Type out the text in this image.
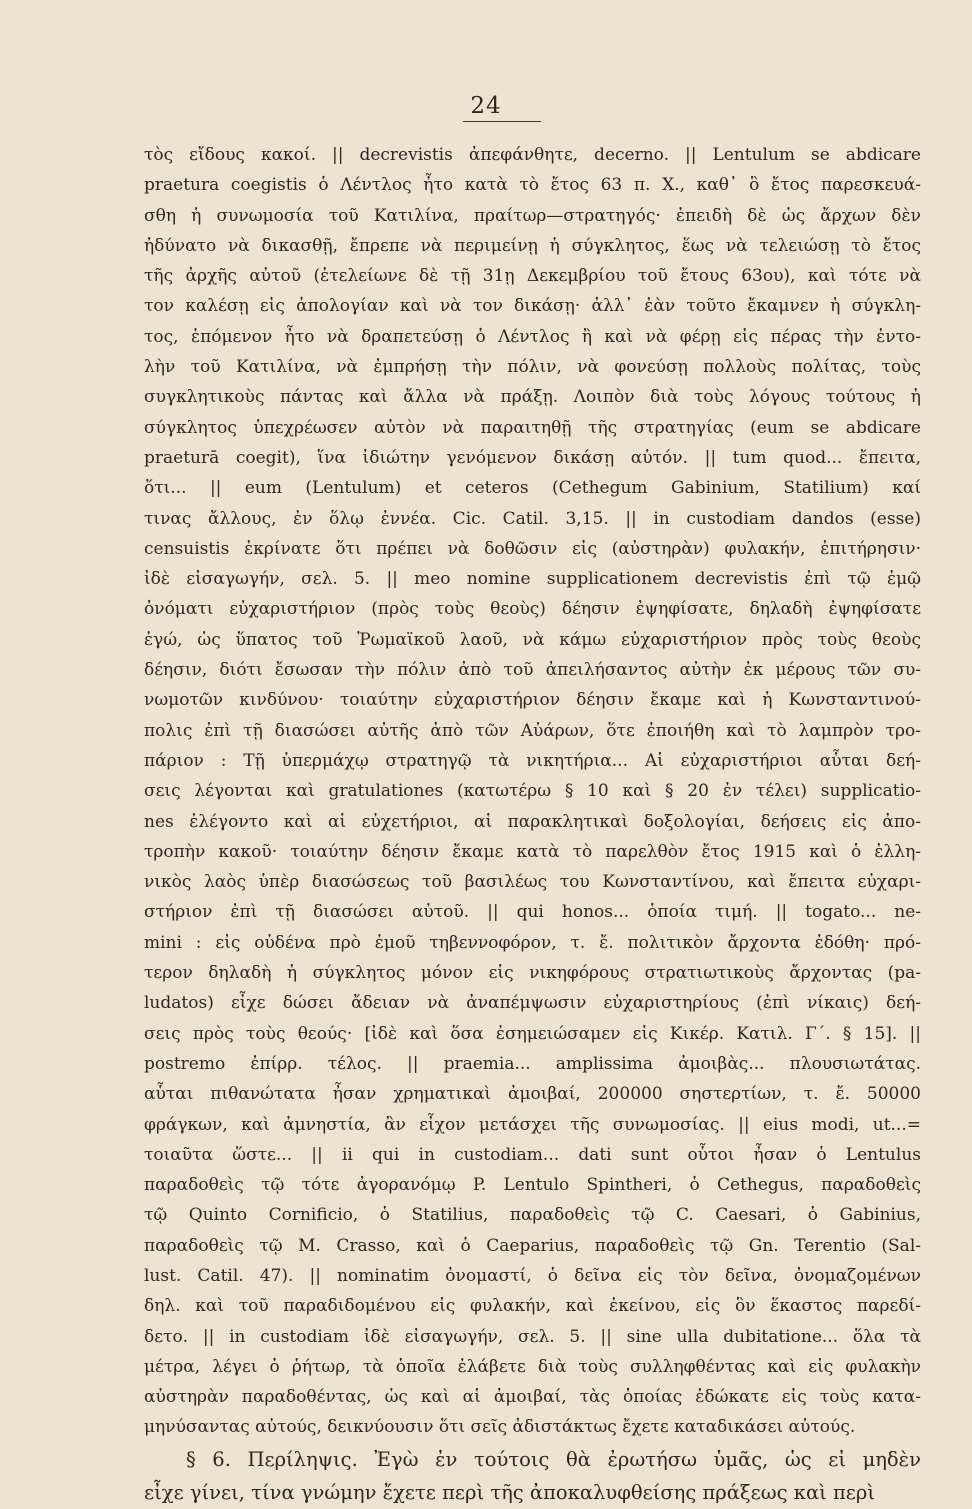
24
τὸς εἴδους κακοί. || decrevistis ἀπεφάνθητε, decerno. || Lentulum se abdicare
praetura coegistis ὁ Λέντλος ἦτο κατὰ τὸ ἔτος 63 π. Χ., καθ᾽ ὃ ἔτος παρεσκευά-
σθη ἡ συνωμοσία τοῦ Κατιλίνα, πραίτωρ—στρατηγός· ἐπειδὴ δὲ ὡς ἄρχων δὲν
ἠδύνατο νὰ δικασθῇ, ἔπρεπε νὰ περιμείνῃ ἡ σύγκλητος, ἕως νὰ τελειώσῃ τὸ ἔτος
τῆς ἀρχῆς αὐτοῦ (ἐτελείωνε δὲ τῇ 31ῃ Δεκεμβρίου τοῦ ἔτους 63ου), καὶ τότε νὰ
τον καλέσῃ εἰς ἀπολογίαν καὶ νὰ τον δικάσῃ· ἀλλ᾽ ἐὰν τοῦτο ἔκαμνεν ἡ σύγκλη-
τος, ἑπόμενον ἦτο νὰ δραπετεύσῃ ὁ Λέντλος ἢ καὶ νὰ φέρῃ εἰς πέρας τὴν ἐντο-
λὴν τοῦ Κατιλίνα, νὰ ἐμπρήσῃ τὴν πόλιν, νὰ φονεύσῃ πολλοὺς πολίτας, τοὺς
συγκλητικοὺς πάντας καὶ ἄλλα νὰ πράξῃ. Λοιπὸν διὰ τοὺς λόγους τούτους ἡ
σύγκλητος ὑπεχρέωσεν αὐτὸν νὰ παραιτηθῇ τῆς στρατηγίας (eum se abdicare
praeturā coegit), ἵνα ἰδιώτην γενόμενον δικάσῃ αὐτόν. || tum quod... ἔπειτα,
ὅτι... || eum (Lentulum) et ceteros (Cethegum Gabinium, Statilium) καί
τινας ἄλλους, ἐν ὅλῳ ἐννέα. Cic. Catil. 3,15. || in custodiam dandos (esse)
censuistis ἐκρίνατε ὅτι πρέπει νὰ δοθῶσιν εἰς (αὐστηρὰν) φυλακήν, ἐπιτήρησιν·
ἰδὲ εἰσαγωγήν, σελ. 5. || meo nomine supplicationem decrevistis ἐπὶ τῷ ἐμῷ
ὀνόματι εὐχαριστήριον (πρὸς τοὺς θεοὺς) δέησιν ἐψηφίσατε, δηλαδὴ ἐψηφίσατε
ἐγώ, ὡς ὕπατος τοῦ Ῥωμαϊκοῦ λαοῦ, νὰ κάμω εὐχαριστήριον πρὸς τοὺς θεοὺς
δέησιν, διότι ἔσωσαν τὴν πόλιν ἀπὸ τοῦ ἀπειλήσαντος αὐτὴν ἐκ μέρους τῶν συ-
νωμοτῶν κινδύνου· τοιαύτην εὐχαριστήριον δέησιν ἔκαμε καὶ ἡ Κωνσταντινού-
πολις ἐπὶ τῇ διασώσει αὐτῆς ἀπὸ τῶν Αὐάρων, ὅτε ἐποιήθη καὶ τὸ λαμπρὸν τρο-
πάριον : Τῇ ὑπερμάχῳ στρατηγῷ τὰ νικητήρια... Αἱ εὐχαριστήριοι αὗται δεή-
σεις λέγονται καὶ gratulationes (κατωτέρω § 10 καὶ § 20 ἐν τέλει) supplicatio-
nes ἐλέγοντο καὶ αἱ εὐχετήριοι, αἱ παρακλητικαὶ δοξολογίαι, δεήσεις εἰς ἀπο-
τροπὴν κακοῦ· τοιαύτην δέησιν ἔκαμε κατὰ τὸ παρελθὸν ἔτος 1915 καὶ ὁ ἑλλη-
νικὸς λαὸς ὑπὲρ διασώσεως τοῦ βασιλέως του Κωνσταντίνου, καὶ ἔπειτα εὐχαρι-
στήριον ἐπὶ τῇ διασώσει αὐτοῦ. || qui honos... ὁποία τιμή. || togato... ne-
mini : εἰς οὐδένα πρὸ ἐμοῦ τηβεννοφόρον, τ. ἔ. πολιτικὸν ἄρχοντα ἐδόθη· πρό-
τερον δηλαδὴ ἡ σύγκλητος μόνον εἰς νικηφόρους στρατιωτικοὺς ἄρχοντας (pa-
ludatos) εἶχε δώσει ἄδειαν νὰ ἀναπέμψωσιν εὐχαριστηρίους (ἐπὶ νίκαις) δεή-
σεις πρὸς τοὺς θεούς· [ἰδὲ καὶ ὅσα ἐσημειώσαμεν εἰς Κικέρ. Κατιλ. Γ΄. § 15]. ||
postremo ἐπίρρ. τέλος. || praemia... amplissima ἀμοιβὰς... πλουσιωτάτας.
αὗται πιθανώτατα ἦσαν χρηματικαὶ ἀμοιβαί, 200000 σηστερτίων, τ. ἔ. 50000
φράγκων, καὶ ἀμνηστία, ἂν εἶχον μετάσχει τῆς συνωμοσίας. || eius modi, ut...=
τοιαῦτα ὥστε... || ii qui in custodiam... dati sunt οὗτοι ἦσαν ὁ Lentulus
παραδοθεὶς τῷ τότε ἀγορανόμῳ P. Lentulo Spintheri, ὁ Cethegus, παραδοθεὶς
τῷ Quinto Cornificio, ὁ Statilius, παραδοθεὶς τῷ C. Caesari, ὁ Gabinius,
παραδοθεὶς τῷ M. Crasso, καὶ ὁ Caeparius, παραδοθεὶς τῷ Gn. Terentio (Sal-
lust. Catil. 47). || nominatim ὀνομαστί, ὁ δεῖνα εἰς τὸν δεῖνα, ὀνομαζομένων
δηλ. καὶ τοῦ παραδιδομένου εἰς φυλακήν, καὶ ἐκείνου, εἰς ὃν ἕκαστος παρεδί-
δετο. || in custodiam ἰδὲ εἰσαγωγήν, σελ. 5. || sine ulla dubitatione... ὅλα τὰ
μέτρα, λέγει ὁ ῥήτωρ, τὰ ὁποῖα ἐλάβετε διὰ τοὺς συλληφθέντας καὶ εἰς φυλακὴν
αὐστηρὰν παραδοθέντας, ὡς καὶ αἱ ἀμοιβαί, τὰς ὁποίας ἐδώκατε εἰς τοὺς κατα-
μηνύσαντας αὐτούς, δεικνύουσιν ὅτι σεῖς ἀδιστάκτως ἔχετε καταδικάσει αὐτούς.
§ 6. Περίληψις. Ἐγὼ ἐν τούτοις θὰ ἐρωτήσω ὑμᾶς, ὡς εἰ μηδὲν
εἶχε γίνει, τίνα γνώμην ἔχετε περὶ τῆς ἀποκαλυφθείσης πράξεως καὶ περὶ
